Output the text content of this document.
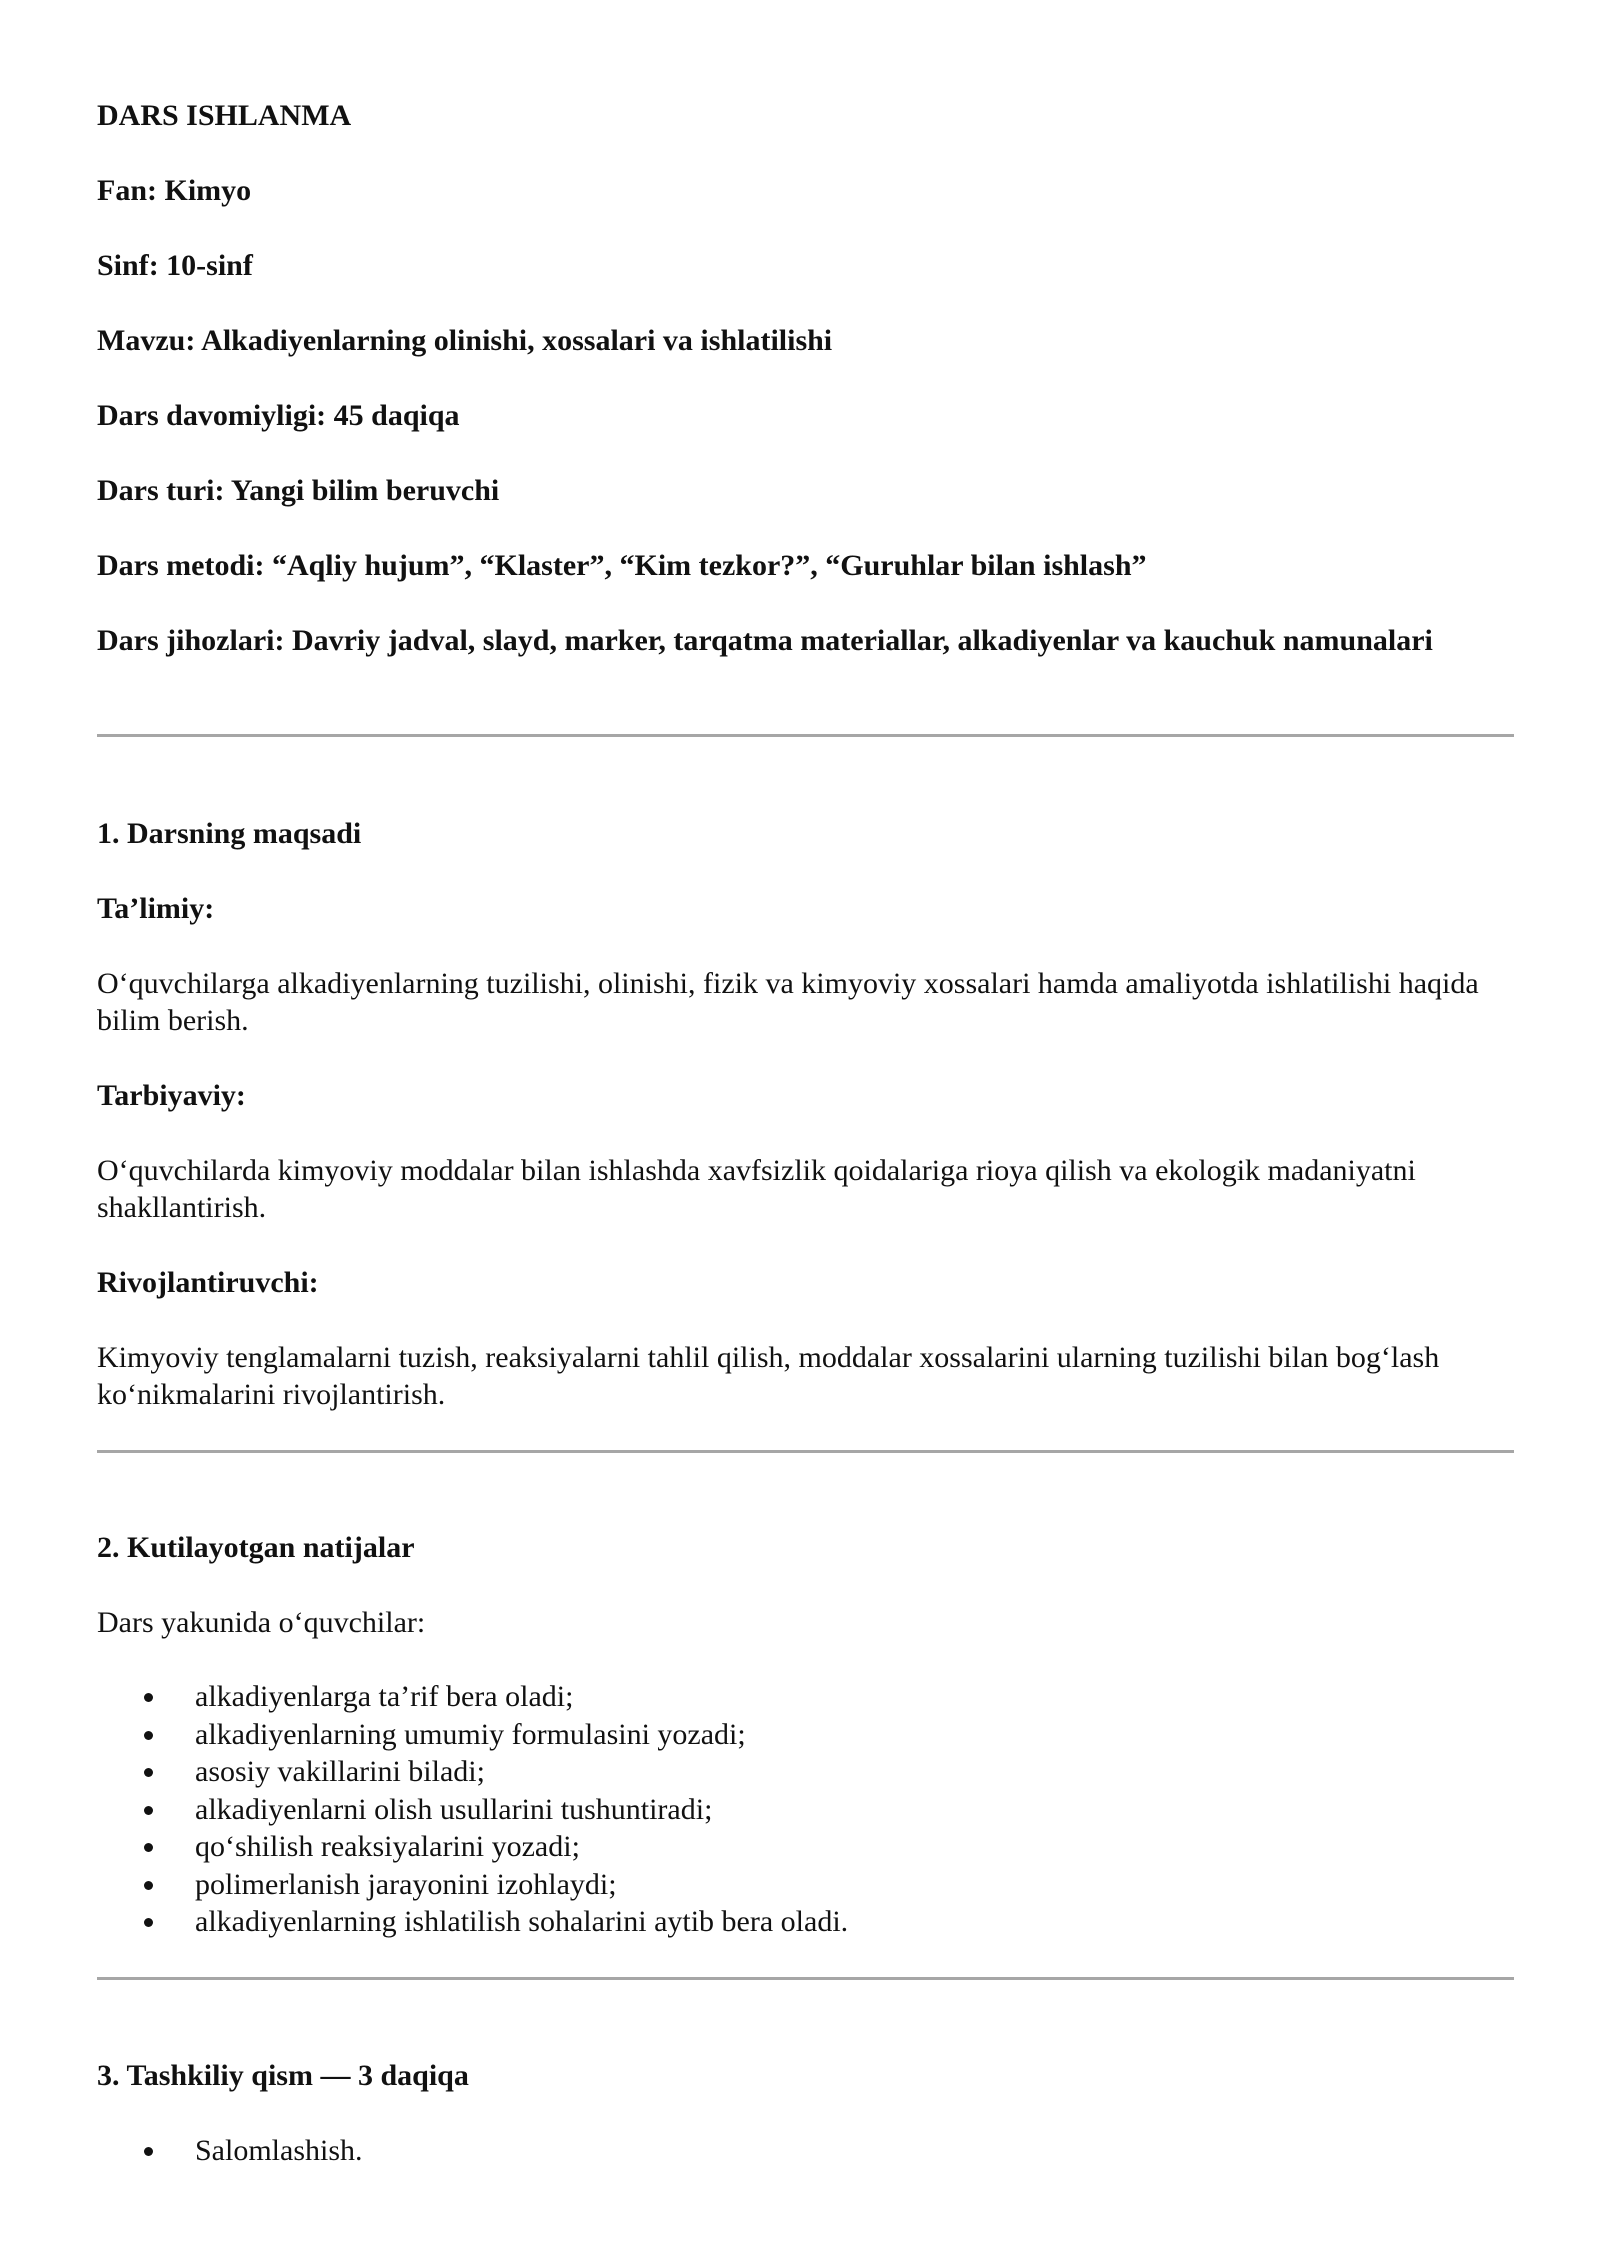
DARS ISHLANMA

Fan: Kimyo

Sinf: 10-sinf

Mavzu: Alkadiyenlarning olinishi, xossalari va ishlatilishi

Dars davomiyligi: 45 daqiqa

Dars turi: Yangi bilim beruvchi

Dars metodi: “Aqliy hujum”, “Klaster”, “Kim tezkor?”, “Guruhlar bilan ishlash”

Dars jihozlari: Davriy jadval, slayd, marker, tarqatma materiallar, alkadiyenlar va kauchuk namunalari

1. Darsning maqsadi

Ta’limiy:

O‘quvchilarga alkadiyenlarning tuzilishi, olinishi, fizik va kimyoviy xossalari hamda amaliyotda ishlatilishi haqida bilim berish.

Tarbiyaviy:

O‘quvchilarda kimyoviy moddalar bilan ishlashda xavfsizlik qoidalariga rioya qilish va ekologik madaniyatni shakllantirish.

Rivojlantiruvchi:

Kimyoviy tenglamalarni tuzish, reaksiyalarni tahlil qilish, moddalar xossalarini ularning tuzilishi bilan bog‘lash ko‘nikmalarini rivojlantirish.

2. Kutilayotgan natijalar

Dars yakunida o‘quvchilar:

alkadiyenlarga ta’rif bera oladi;
alkadiyenlarning umumiy formulasini yozadi;
asosiy vakillarini biladi;
alkadiyenlarni olish usullarini tushuntiradi;
qo‘shilish reaksiyalarini yozadi;
polimerlanish jarayonini izohlaydi;
alkadiyenlarning ishlatilish sohalarini aytib bera oladi.

3. Tashkiliy qism — 3 daqiqa

Salomlashish.
